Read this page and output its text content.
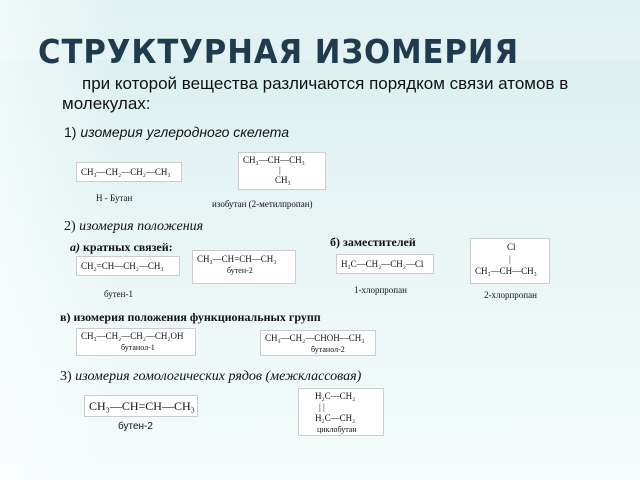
СТРУКТУРНАЯ ИЗОМЕРИЯ
при которой вещества различаются порядком связи атомов в молекулах:
1) изомерия углеродного скелета
CH₃—CH₂—CH₂—CH₃
Н - Бутан
CH₃—CH—CH₃
|
CH₃
изобутан (2-метилпропан)
2) изомерия положения
а) кратных связей:
CH₂=CH—CH₂—CH₃
бутен-1
CH₃—CH=CH—CH₃
бутен-2
б) заместителей
H₃C—CH₂—CH₂—Cl
1-хлорпропан
Cl
|
CH₃—CH—CH₃
2-хлорпропан
в) изомерия положения функциональных групп
CH₃—CH₂—CH₂—CH₂OH
бутанол-1
CH₃—CH₂—CHOH—CH₃
бутанол-2
3) изомерия гомологических рядов (межклассовая)
CH₃—CH=CH—CH₃
бутен-2
H₂C—CH₂
| |
H₂C—CH₂
циклобутан
